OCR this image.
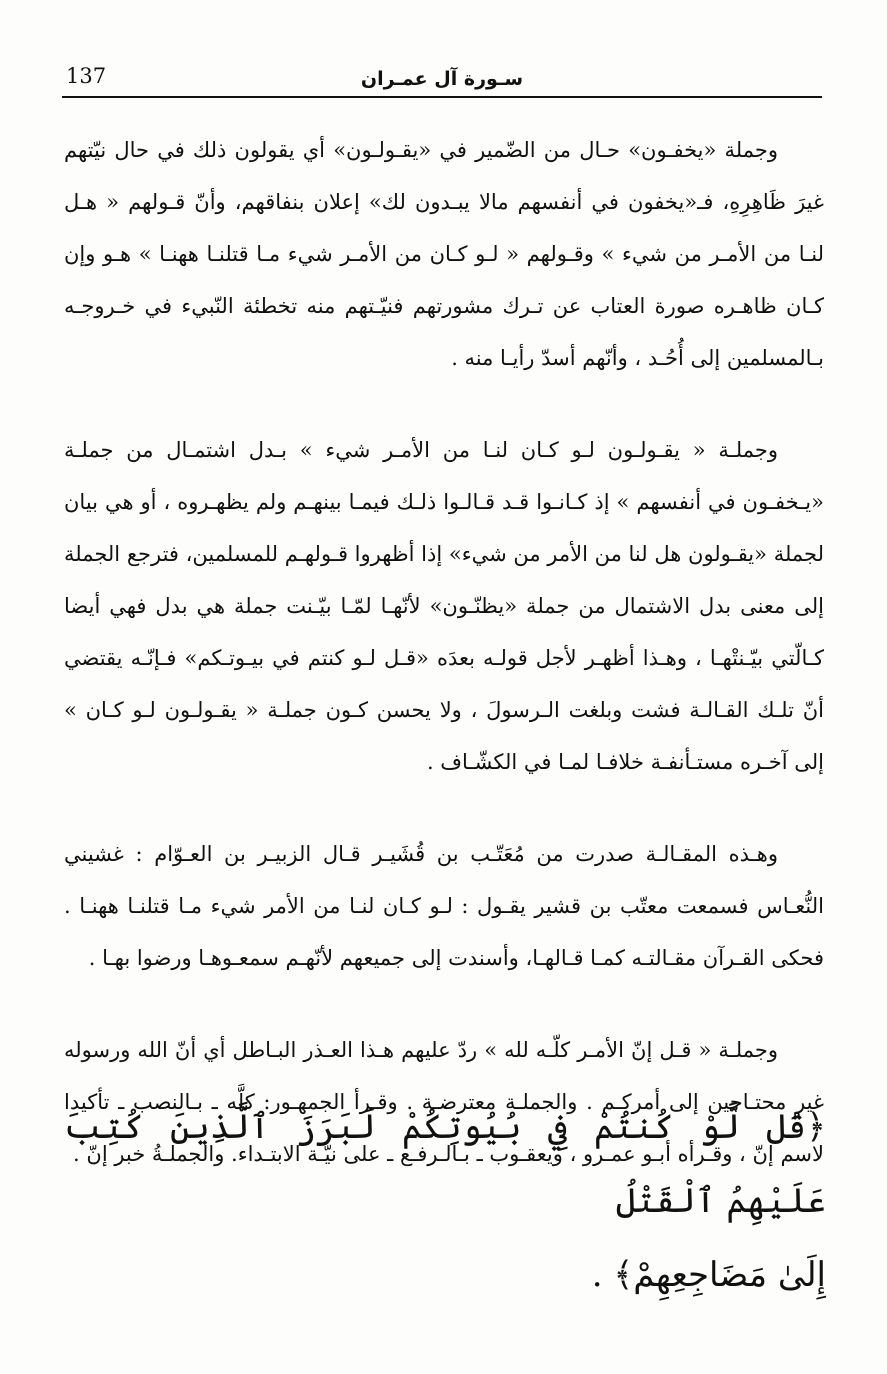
137	سـورة آل عمـران

وجملة «يخفـون» حـال من الضّمير في «يقـولـون» أي يقولون ذلك في حال نيّتهم غيرَ ظَاهِرِهِ، فـ«يخفون في أنفسهم مالا يبـدون لك» إعلان بنفاقهم، وأنّ قـولهم « هـل لنـا من الأمـر من شيء » وقـولهم « لـو كـان من الأمـر شيء مـا قتلنـا ههنـا » هـو وإن كـان ظاهـره صورة العتاب عن تـرك مشورتهم فنيّـتهم منه تخطئة النّبيء في خـروجـه بـالمسلمين إلى أُحُـد ، وأنّهم أسدّ رأيـا منه .

وجملـة « يقـولـون لـو كـان لنـا من الأمـر شيء » بـدل اشتمـال من جملـة «يـخفـون في أنفسهم » إذ كـانـوا قـد قـالـوا ذلـك فيمـا بينهـم ولم يظهـروه ، أو هي بيان لجملة «يقـولون هل لنا من الأمر من شيء» إذا أظهروا قـولهـم للمسلمين، فترجع الجملة إلى معنى بدل الاشتمال من جملة «يظنّـون» لأنّهـا لمّـا بيّـنت جملة هي بدل فهي أيضا كـالّتي بيّـنتْهـا ، وهـذا أظهـر لأجل قولـه بعدَه «قـل لـو كنتم في بيـوتـكم» فـإنّـه يقتضي أنّ تلـك القـالـة فشت وبلغت الـرسولَ ، ولا يحسن كـون جملـة « يقـولـون لـو كـان » إلى آخـره مستـأنفـة خلافـا لمـا في الكشّـاف .

وهـذه المقـالـة صدرت من مُعَتّـب بن قُشَيـر قـال الزبيـر بن العـوّام : غشيني النُّعـاس فسمعت معتّب بن قشير يقـول : لـو كـان لنـا من الأمر شيء مـا قتلنـا ههنـا . فحكى القـرآن مقـالتـه كمـا قـالهـا، وأسندت إلى جميعهم لأنّهـم سمعـوهـا ورضوا بهـا .

وجملـة « قـل إنّ الأمـر كلّـه لله » ردّ عليهم هـذا العـذر البـاطل أي أنّ الله ورسوله غير محتـاجين إلى أمركـم . والجملـة معترضـة . وقـرأ الجمهـور: كلَّه ـ بـالنصب ـ تأكيدا لاسم إنّ ، وقـرأه أبـو عمـرو ، ويعقـوب ـ بـالـرفـع ـ على نيّـة الابتـداء. والجملـةُ خبر إنّ .

﴿قُل لَّوْ كُنتُمْ فِي بُيُوتِكُمْ لَبَرَزَ ٱلَّذِينَ كُتِبَ عَلَيْهِمُ ٱلْقَتْلُ

إِلَىٰ مَضَاجِعِهِمْ﴾ .
